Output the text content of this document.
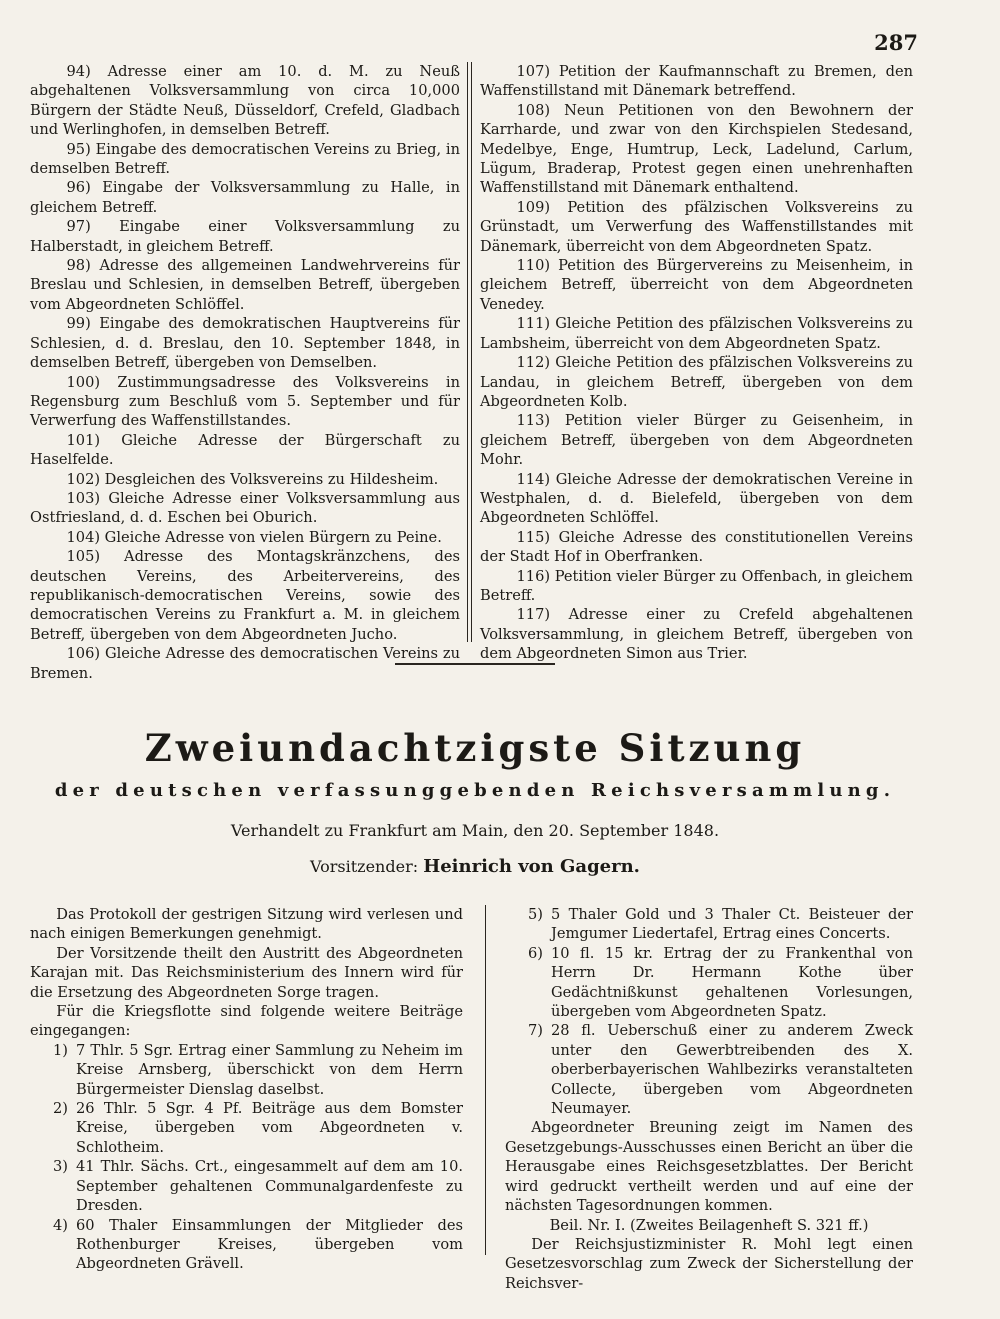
287

94) Adresse einer am 10. d. M. zu Neuß abgehaltenen Volksversammlung von circa 10,000 Bürgern der Städte Neuß, Düsseldorf, Crefeld, Gladbach und Werlinghofen, in demselben Betreff.

95) Eingabe des democratischen Vereins zu Brieg, in demselben Betreff.

96) Eingabe der Volksversammlung zu Halle, in gleichem Betreff.

97) Eingabe einer Volksversammlung zu Halberstadt, in gleichem Betreff.

98) Adresse des allgemeinen Landwehrvereins für Breslau und Schlesien, in demselben Betreff, übergeben vom Abgeordneten Schlöffel.

99) Eingabe des demokratischen Hauptvereins für Schlesien, d. d. Breslau, den 10. September 1848, in demselben Betreff, übergeben von Demselben.

100) Zustimmungsadresse des Volksvereins in Regensburg zum Beschluß vom 5. September und für Verwerfung des Waffenstillstandes.

101) Gleiche Adresse der Bürgerschaft zu Haselfelde.

102) Desgleichen des Volksvereins zu Hildesheim.

103) Gleiche Adresse einer Volksversammlung aus Ostfriesland, d. d. Eschen bei Oburich.

104) Gleiche Adresse von vielen Bürgern zu Peine.

105) Adresse des Montagskränzchens, des deutschen Vereins, des Arbeitervereins, des republikanisch-democratischen Vereins, sowie des democratischen Vereins zu Frankfurt a. M. in gleichem Betreff, übergeben von dem Abgeordneten Jucho.

106) Gleiche Adresse des democratischen Vereins zu Bremen.

107) Petition der Kaufmannschaft zu Bremen, den Waffenstillstand mit Dänemark betreffend.

108) Neun Petitionen von den Bewohnern der Karrharde, und zwar von den Kirchspielen Stedesand, Medelbye, Enge, Humtrup, Leck, Ladelund, Carlum, Lügum, Braderap, Protest gegen einen unehrenhaften Waffenstillstand mit Dänemark enthaltend.

109) Petition des pfälzischen Volksvereins zu Grünstadt, um Verwerfung des Waffenstillstandes mit Dänemark, überreicht von dem Abgeordneten Spatz.

110) Petition des Bürgervereins zu Meisenheim, in gleichem Betreff, überreicht von dem Abgeordneten Venedey.

111) Gleiche Petition des pfälzischen Volksvereins zu Lambsheim, überreicht von dem Abgeordneten Spatz.

112) Gleiche Petition des pfälzischen Volksvereins zu Landau, in gleichem Betreff, übergeben von dem Abgeordneten Kolb.

113) Petition vieler Bürger zu Geisenheim, in gleichem Betreff, übergeben von dem Abgeordneten Mohr.

114) Gleiche Adresse der demokratischen Vereine in Westphalen, d. d. Bielefeld, übergeben von dem Abgeordneten Schlöffel.

115) Gleiche Adresse des constitutionellen Vereins der Stadt Hof in Oberfranken.

116) Petition vieler Bürger zu Offenbach, in gleichem Betreff.

117) Adresse einer zu Crefeld abgehaltenen Volksversammlung, in gleichem Betreff, übergeben von dem Abgeordneten Simon aus Trier.

Zweiundachtzigste Sitzung
der deutschen verfassunggebenden Reichsversammlung.
Verhandelt zu Frankfurt am Main, den 20. September 1848.
Vorsitzender: Heinrich von Gagern.

Das Protokoll der gestrigen Sitzung wird verlesen und nach einigen Bemerkungen genehmigt.

Der Vorsitzende theilt den Austritt des Abgeordneten Karajan mit. Das Reichsministerium des Innern wird für die Ersetzung des Abgeordneten Sorge tragen.

Für die Kriegsflotte sind folgende weitere Beiträge eingegangen:

1) 7 Thlr. 5 Sgr. Ertrag einer Sammlung zu Neheim im Kreise Arnsberg, überschickt von dem Herrn Bürgermeister Dienslag daselbst.
2) 26 Thlr. 5 Sgr. 4 Pf. Beiträge aus dem Bomster Kreise, übergeben vom Abgeordneten v. Schlotheim.
3) 41 Thlr. Sächs. Crt., eingesammelt auf dem am 10. September gehaltenen Communalgardenfeste zu Dresden.
4) 60 Thaler Einsammlungen der Mitglieder des Rothenburger Kreises, übergeben vom Abgeordneten Grävell.
5) 5 Thaler Gold und 3 Thaler Ct. Beisteuer der Jemgumer Liedertafel, Ertrag eines Concerts.
6) 10 fl. 15 kr. Ertrag der zu Frankenthal von Herrn Dr. Hermann Kothe über Gedächtnißkunst gehaltenen Vorlesungen, übergeben vom Abgeordneten Spatz.
7) 28 fl. Ueberschuß einer zu anderem Zweck unter den Gewerbtreibenden des X. oberberbayerischen Wahlbezirks veranstalteten Collecte, übergeben vom Abgeordneten Neumayer.

Abgeordneter Breuning zeigt im Namen des Gesetzgebungs-Ausschusses einen Bericht an über die Herausgabe eines Reichsgesetzblattes. Der Bericht wird gedruckt vertheilt werden und auf eine der nächsten Tagesordnungen kommen.

Beil. Nr. I. (Zweites Beilagenheft S. 321 ff.)

Der Reichsjustizminister R. Mohl legt einen Gesetzesvorschlag zum Zweck der Sicherstellung der Reichsver-
